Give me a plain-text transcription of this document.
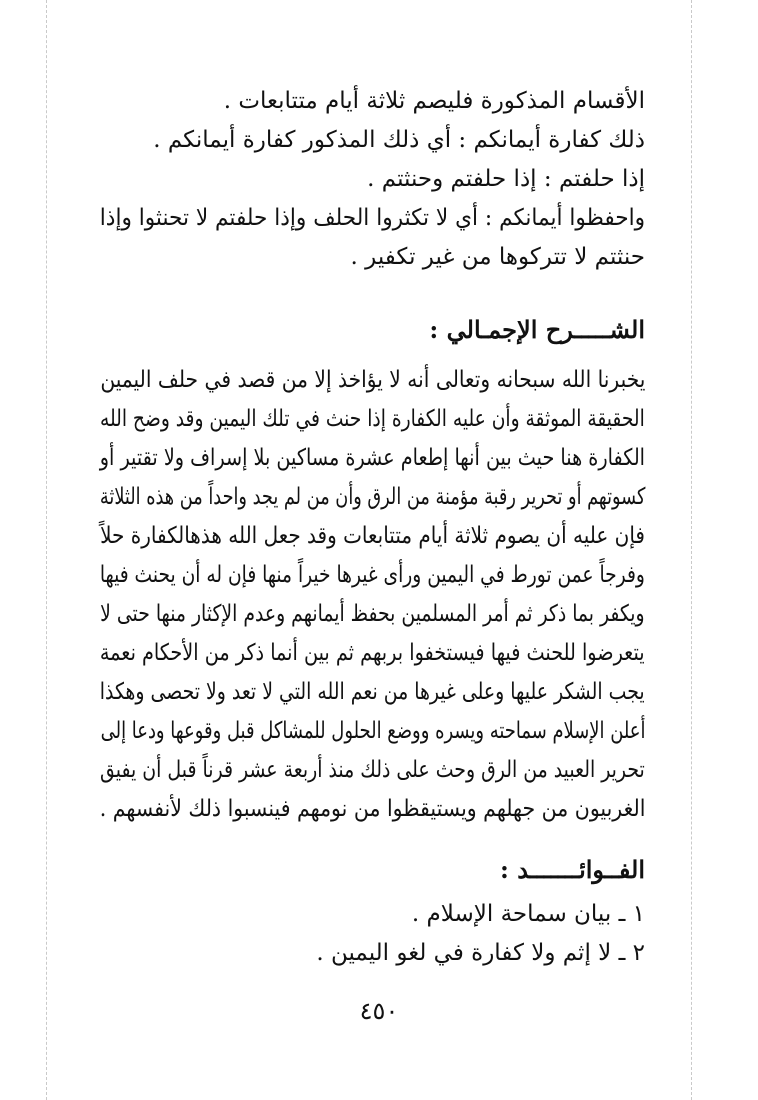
الأقسام المذكورة فليصم ثلاثة أيام متتابعات .
ذلك كفارة أيمانكم : أي ذلك المذكور كفارة أيمانكم .
إذا حلفتم : إذا حلفتم وحنثتم .
واحفظوا أيمانكم : أي لا تكثروا الحلف وإذا حلفتم لا تحنثوا وإذا
حنثتم لا تتركوها من غير تكفير .
الشـــــرح الإجمـالي :
يخبرنا الله سبحانه وتعالى أنه لا يؤاخذ إلا من قصد في حلف اليمين
الحقيقة الموثقة وأن عليه الكفارة إذا حنث في تلك اليمين وقد وضح الله
الكفارة هنا حيث بين أنها إطعام عشرة مساكين بلا إسراف ولا تقتير أو
كسوتهم أو تحرير رقبة مؤمنة من الرق وأن من لم يجد واحداً من هذه الثلاثة
فإن عليه أن يصوم ثلاثة أيام متتابعات وقد جعل الله هذهالكفارة حلاً
وفرجاً عمن تورط في اليمين ورأى غيرها خيراً منها فإن له أن يحنث فيها
ويكفر بما ذكر ثم أمر المسلمين بحفظ أيمانهم وعدم الإكثار منها حتى لا
يتعرضوا للحنث فيها فيستخفوا بربهم ثم بين أنما ذكر من الأحكام نعمة
يجب الشكر عليها وعلى غيرها من نعم الله التي لا تعد ولا تحصى وهكذا
أعلن الإسلام سماحته ويسره ووضع الحلول للمشاكل قبل وقوعها ودعا إلى
تحرير العبيد من الرق وحث على ذلك منذ أربعة عشر قرناً قبل أن يفيق
الغربيون من جهلهم ويستيقظوا من نومهم فينسبوا ذلك لأنفسهم .
الفــوائـــــــد :
١ ـ بيان سماحة الإسلام .
٢ ـ لا إثم ولا كفارة في لغو اليمين .
٤٥٠
